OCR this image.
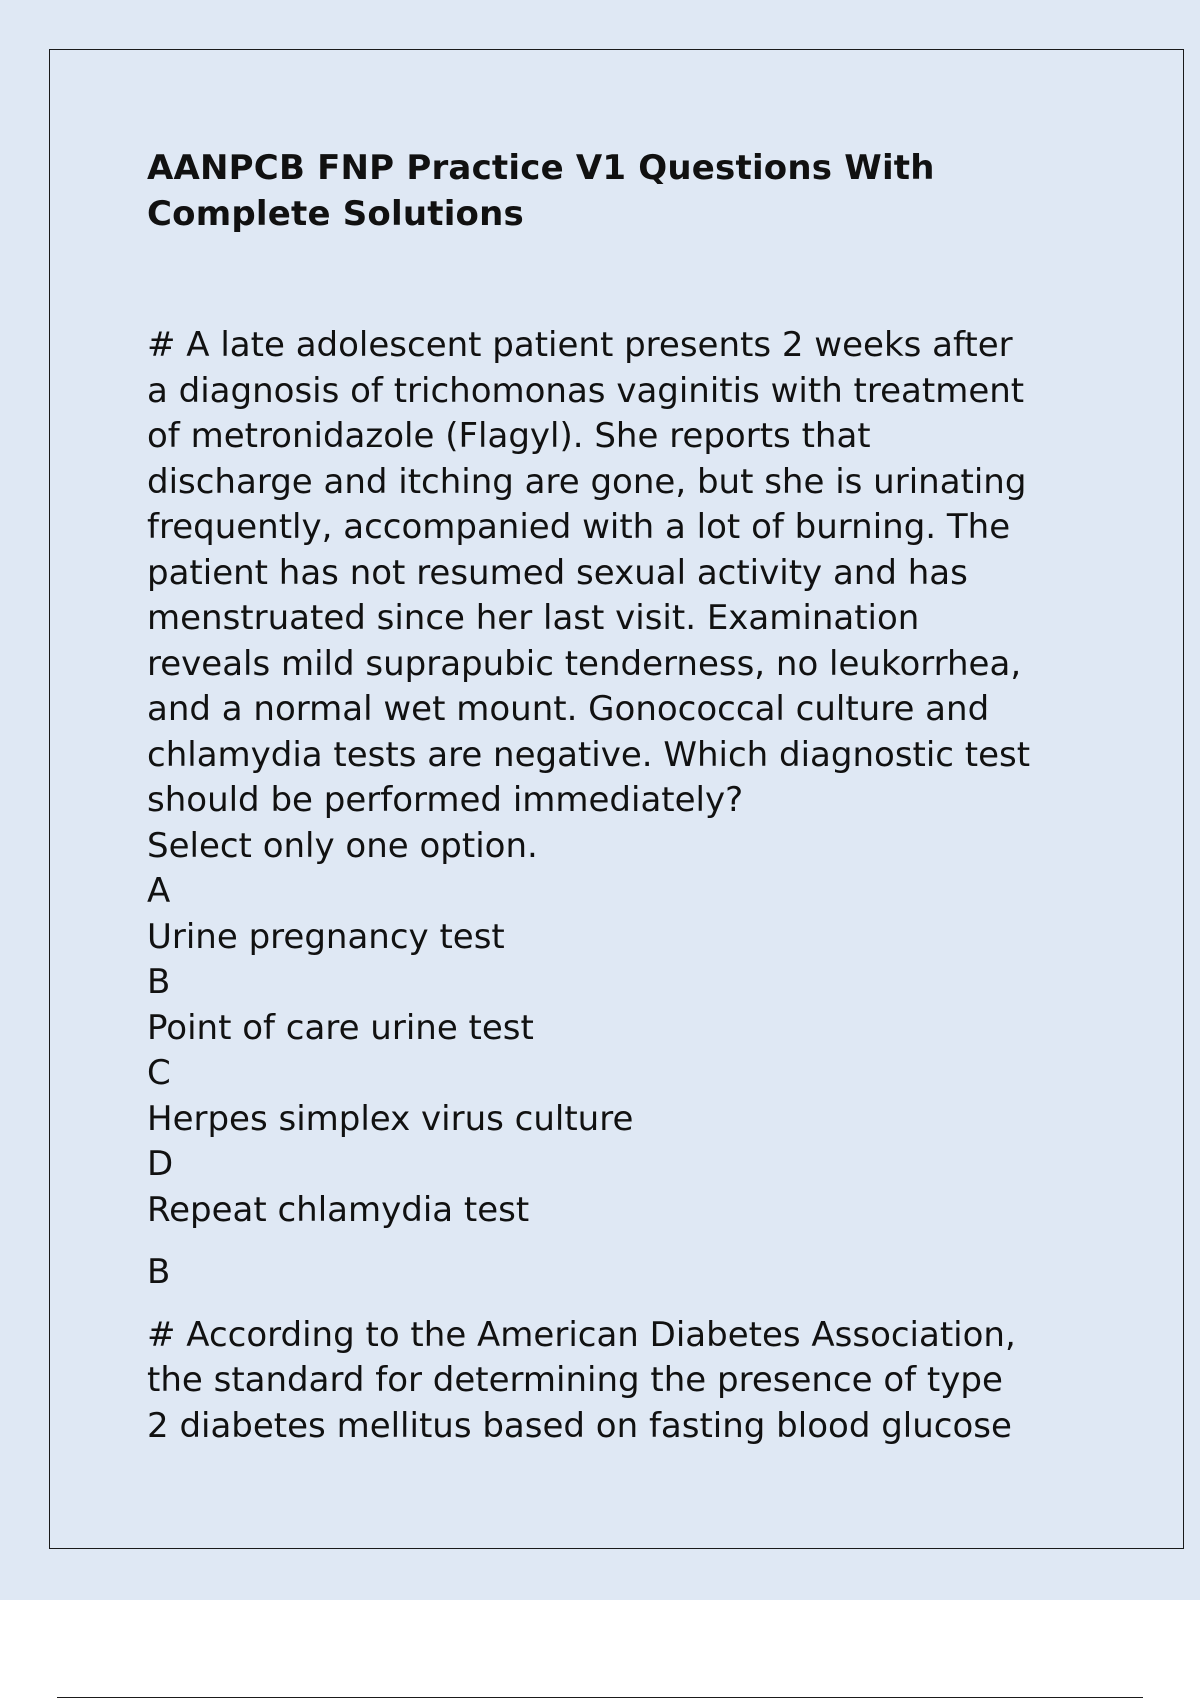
AANPCB FNP Practice V1 Questions With
Complete Solutions
# A late adolescent patient presents 2 weeks after
a diagnosis of trichomonas vaginitis with treatment
of metronidazole (Flagyl). She reports that
discharge and itching are gone, but she is urinating
frequently, accompanied with a lot of burning. The
patient has not resumed sexual activity and has
menstruated since her last visit. Examination
reveals mild suprapubic tenderness, no leukorrhea,
and a normal wet mount. Gonococcal culture and
chlamydia tests are negative. Which diagnostic test
should be performed immediately?
Select only one option.
A
Urine pregnancy test
B
Point of care urine test
C
Herpes simplex virus culture
D
Repeat chlamydia test
B
# According to the American Diabetes Association,
the standard for determining the presence of type
2 diabetes mellitus based on fasting blood glucose
